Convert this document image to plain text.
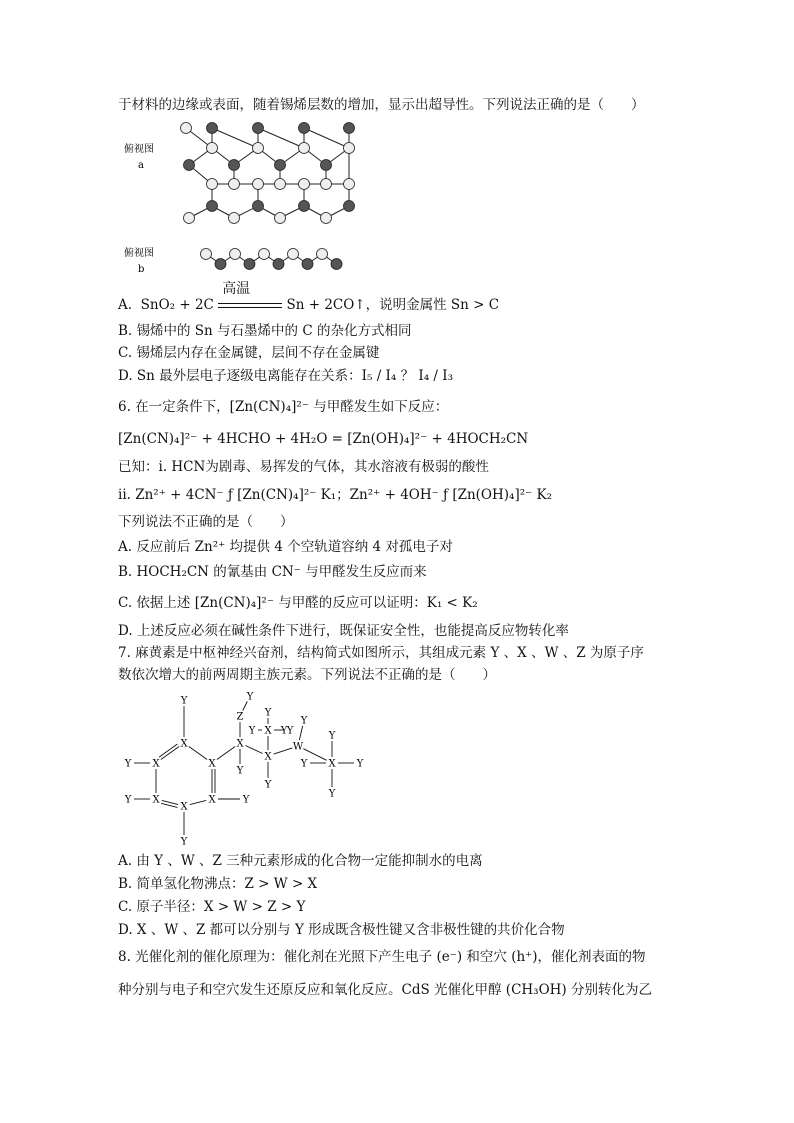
于材料的边缘或表面，随着锡烯层数的增加，显示出超导性。下列说法正确的是（　　）
俯视图
a
俯视图
b
A. SnO₂ + 2C
高温
Sn + 2CO↑，说明金属性 Sn > C
B. 锡烯中的 Sn 与石墨烯中的 C 的杂化方式相同
C. 锡烯层内存在金属键，层间不存在金属键
D. Sn 最外层电子逐级电离能存在关系：I₅ / I₄ ？ I₄ / I₃
6. 在一定条件下，[Zn(CN)₄]²⁻ 与甲醛发生如下反应：
[Zn(CN)₄]²⁻ + 4HCHO + 4H₂O = [Zn(OH)₄]²⁻ + 4HOCH₂CN
已知：i. HCN为剧毒、易挥发的气体，其水溶液有极弱的酸性
ii. Zn²⁺ + 4CN⁻ ƒ [Zn(CN)₄]²⁻ K₁；Zn²⁺ + 4OH⁻ ƒ [Zn(OH)₄]²⁻ K₂
下列说法不正确的是（　　）
A. 反应前后 Zn²⁺ 均提供 4 个空轨道容纳 4 对孤电子对
B. HOCH₂CN 的氰基由 CN⁻ 与甲醛发生反应而来
C. 依据上述 [Zn(CN)₄]²⁻ 与甲醛的反应可以证明：K₁ < K₂
D. 上述反应必须在碱性条件下进行，既保证安全性，也能提高反应物转化率
7. 麻黄素是中枢神经兴奋剂，结构简式如图所示，其组成元素 Y 、X 、W 、Z 为原子序
数依次增大的前两周期主族元素。下列说法不正确的是（　　）
Y
X
X
Y
X
Y
X
Y
X	Y
X
X
Z
Y
Y
X
Y
Y
X
Y	Y
Y
W
Y
X
Y
Y
Y
Y
A. 由 Y 、W 、Z 三种元素形成的化合物一定能抑制水的电离
B. 简单氢化物沸点：Z > W > X
C. 原子半径：X > W > Z > Y
D. X 、W 、Z 都可以分别与 Y 形成既含极性键又含非极性键的共价化合物
8. 光催化剂的催化原理为：催化剂在光照下产生电子 (e⁻) 和空穴 (h⁺)，催化剂表面的物
种分别与电子和空穴发生还原反应和氧化反应。CdS 光催化甲醇 (CH₃OH) 分别转化为乙
